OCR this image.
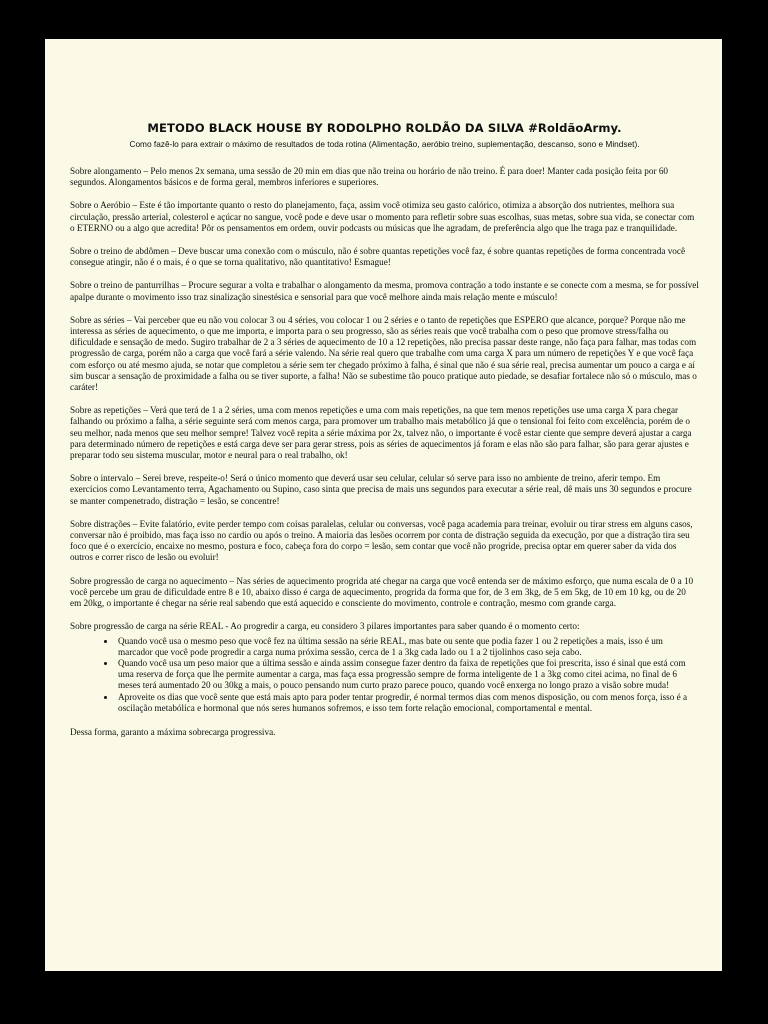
METODO BLACK HOUSE BY RODOLPHO ROLDÃO DA SILVA #RoldãoArmy.
Como fazê-lo para extrair o máximo de resultados de toda rotina (Alimentação, aeróbio treino, suplementação, descanso, sono e Mindset).

Sobre alongamento – Pelo menos 2x semana, uma sessão de 20 min em dias que não treina ou horário de não treino. É para doer! Manter cada posição feita por 60 segundos. Alongamentos básicos e de forma geral, membros inferiores e superiores.

Sobre o Aeróbio – Este é tão importante quanto o resto do planejamento, faça, assim você otimiza seu gasto calórico, otimiza a absorção dos nutrientes, melhora sua circulação, pressão arterial, colesterol e açúcar no sangue, você pode e deve usar o momento para refletir sobre suas escolhas, suas metas, sobre sua vida, se conectar com o ETERNO ou a algo que acredita! Pôr os pensamentos em ordem, ouvir podcasts ou músicas que lhe agradam, de preferência algo que lhe traga paz e tranquilidade.

Sobre o treino de abdômen – Deve buscar uma conexão com o músculo, não é sobre quantas repetições você faz, é sobre quantas repetições de forma concentrada você consegue atingir, não é o mais, é o que se torna qualitativo, não quantitativo! Esmague!

Sobre o treino de panturrilhas – Procure segurar a volta e trabalhar o alongamento da mesma, promova contração a todo instante e se conecte com a mesma, se for possível apalpe durante o movimento isso traz sinalização sinestésica e sensorial para que você melhore ainda mais relação mente e músculo!

Sobre as séries – Vai perceber que eu não vou colocar 3 ou 4 séries, vou colocar 1 ou 2 séries e o tanto de repetições que ESPERO que alcance, porque? Porque não me interessa as séries de aquecimento, o que me importa, e importa para o seu progresso, são as séries reais que você trabalha com o peso que promove stress/falha ou dificuldade e sensação de medo. Sugiro trabalhar de 2 a 3 séries de aquecimento de 10 a 12 repetições, não precisa passar deste range, não faça para falhar, mas todas com progressão de carga, porém não a carga que você fará a série valendo. Na série real quero que trabalhe com uma carga X para um número de repetições Y e que você faça com esforço ou até mesmo ajuda, se notar que completou a série sem ter chegado próximo à falha, é sinal que não é sua série real, precisa aumentar um pouco a carga e aí sim buscar a sensação de proximidade a falha ou se tiver suporte, a falha! Não se subestime tão pouco pratique auto piedade, se desafiar fortalece não só o músculo, mas o caráter!

Sobre as repetições – Verá que terá de 1 a 2 séries, uma com menos repetições e uma com mais repetições, na que tem menos repetições use uma carga X para chegar falhando ou próximo a falha, a série seguinte será com menos carga, para promover um trabalho mais metabólico já que o tensional foi feito com excelência, porém de o seu melhor, nada menos que seu melhor sempre! Talvez você repita a série máxima por 2x, talvez não, o importante é você estar ciente que sempre deverá ajustar a carga para determinado número de repetições e está carga deve ser para gerar stress, pois as séries de aquecimentos já foram e elas não são para falhar, são para gerar ajustes e preparar todo seu sistema muscular, motor e neural para o real trabalho, ok!

Sobre o intervalo – Serei breve, respeite-o! Será o único momento que deverá usar seu celular, celular só serve para isso no ambiente de treino, aferir tempo. Em exercícios como Levantamento terra, Agachamento ou Supino, caso sinta que precisa de mais uns segundos para executar a série real, dê mais uns 30 segundos e procure se manter compenetrado, distração = lesão, se concentre!

Sobre distrações – Evite falatório, evite perder tempo com coisas paralelas, celular ou conversas, você paga academia para treinar, evoluir ou tirar stress em alguns casos, conversar não é proibido, mas faça isso no cardio ou após o treino. A maioria das lesões ocorrem por conta de distração seguida da execução, por que a distração tira seu foco que é o exercício, encaixe no mesmo, postura e foco, cabeça fora do corpo = lesão, sem contar que você não progride, precisa optar em querer saber da vida dos outros e correr risco de lesão ou evoluir!

Sobre progressão de carga no aquecimento – Nas séries de aquecimento progrida até chegar na carga que você entenda ser de máximo esforço, que numa escala de 0 a 10 você percebe um grau de dificuldade entre 8 e 10, abaixo disso é carga de aquecimento, progrida da forma que for, de 3 em 3kg, de 5 em 5kg, de 10 em 10 kg, ou de 20 em 20kg, o importante é chegar na série real sabendo que está aquecido e consciente do movimento, controle e contração, mesmo com grande carga.

Sobre progressão de carga na série REAL - Ao progredir a carga, eu considero 3 pilares importantes para saber quando é o momento certo:

• Quando você usa o mesmo peso que você fez na última sessão na série REAL, mas bate ou sente que podia fazer 1 ou 2 repetições a mais, isso é um marcador que você pode progredir a carga numa próxima sessão, cerca de 1 a 3kg cada lado ou 1 a 2 tijolinhos caso seja cabo.
• Quando você usa um peso maior que a última sessão e ainda assim consegue fazer dentro da faixa de repetições que foi prescrita, isso é sinal que está com uma reserva de força que lhe permite aumentar a carga, mas faça essa progressão sempre de forma inteligente de 1 a 3kg como citei acima, no final de 6 meses terá aumentado 20 ou 30kg a mais, o pouco pensando num curto prazo parece pouco, quando você enxerga no longo prazo a visão sobre muda!
• Aproveite os dias que você sente que está mais apto para poder tentar progredir, é normal termos dias com menos disposição, ou com menos força, isso é a oscilação metabólica e hormonal que nós seres humanos sofremos, e isso tem forte relação emocional, comportamental e mental.

Dessa forma, garanto a máxima sobrecarga progressiva.
